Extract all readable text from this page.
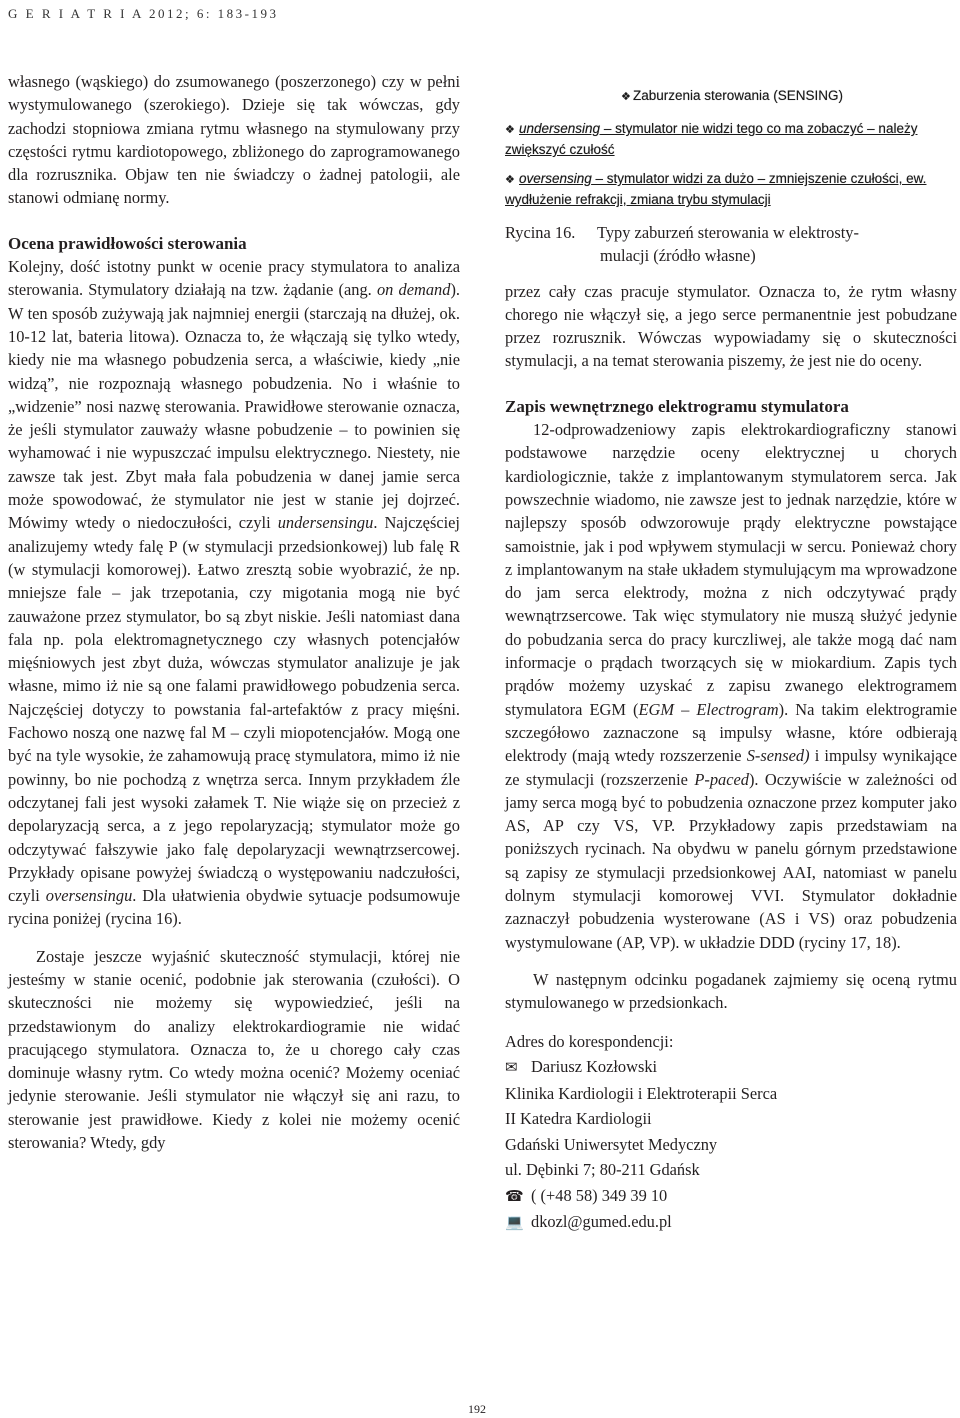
G E R I A T R I A 2012; 6: 183-193

własnego (wąskiego) do zsumowanego (poszerzonego) czy w pełni wystymulowanego (szerokiego). Dzieje się tak wówczas, gdy zachodzi stopniowa zmiana rytmu własnego na stymulowany przy częstości rytmu kardiotopowego, zbliżonego do zaprogramowanego dla rozrusznika. Objaw ten nie świadczy o żadnej patologii, ale stanowi odmianę normy.

Ocena prawidłowości sterowania

Kolejny, dość istotny punkt w ocenie pracy stymulatora to analiza sterowania. Stymulatory działają na tzw. żądanie (ang. on demand). W ten sposób zużywają jak najmniej energii (starczają na dłużej, ok. 10-12 lat, bateria litowa). Oznacza to, że włączają się tylko wtedy, kiedy nie ma własnego pobudzenia serca, a właściwie, kiedy „nie widzą”, nie rozpoznają własnego pobudzenia. No i właśnie to „widzenie” nosi nazwę sterowania. Prawidłowe sterowanie oznacza, że jeśli stymulator zauważy własne pobudzenie – to powinien się wyhamować i nie wypuszczać impulsu elektrycznego. Niestety, nie zawsze tak jest. Zbyt mała fala pobudzenia w danej jamie serca może spowodować, że stymulator nie jest w stanie jej dojrzeć. Mówimy wtedy o niedoczułości, czyli undersensingu. Najczęściej analizujemy wtedy falę P (w stymulacji przedsionkowej) lub falę R (w stymulacji komorowej). Łatwo zresztą sobie wyobrazić, że np. mniejsze fale – jak trzepotania, czy migotania mogą nie być zauważone przez stymulator, bo są zbyt niskie. Jeśli natomiast dana fala np. pola elektromagnetycznego czy własnych potencjałów mięśniowych jest zbyt duża, wówczas stymulator analizuje je jak własne, mimo iż nie są one falami prawidłowego pobudzenia serca. Najczęściej dotyczy to powstania fal-artefaktów z pracy mięśni. Fachowo noszą one nazwę fal M – czyli miopotencjałów. Mogą one być na tyle wysokie, że zahamowują pracę stymulatora, mimo iż nie powinny, bo nie pochodzą z wnętrza serca. Innym przykładem źle odczytanej fali jest wysoki załamek T. Nie wiąże się on przecież z depolaryzacją serca, a z jego repolaryzacją; stymulator może go odczytywać fałszywie jako falę depolaryzacji wewnątrzsercowej. Przykłady opisane powyżej świadczą o występowaniu nadczułości, czyli oversensingu. Dla ułatwienia obydwie sytuacje podsumowuje rycina poniżej (rycina 16).

Zostaje jeszcze wyjaśnić skuteczność stymulacji, której nie jesteśmy w stanie ocenić, podobnie jak sterowania (czułości). O skuteczności nie możemy się wypowiedzieć, jeśli na przedstawionym do analizy elektrokardiogramie nie widać pracującego stymulatora. Oznacza to, że u chorego cały czas dominuje własny rytm. Co wtedy można ocenić? Możemy oceniać jedynie sterowanie. Jeśli stymulator nie włączył się ani razu, to sterowanie jest prawidłowe. Kiedy z kolei nie możemy ocenić sterowania? Wtedy, gdy

❖ Zaburzenia sterowania (SENSING)
❖ undersensing – stymulator nie widzi tego co ma zobaczyć – należy zwiększyć czułość
❖ oversensing – stymulator widzi za dużo – zmniejszenie czułości, ew. wydłużenie refrakcji, zmiana trybu stymulacji
Rycina 16. Typy zaburzeń sterowania w elektrosty-
mulacji (źródło własne)

przez cały czas pracuje stymulator. Oznacza to, że rytm własny chorego nie włączył się, a jego serce permanentnie jest pobudzane przez rozrusznik. Wówczas wypowiadamy się o skuteczności stymulacji, a na temat sterowania piszemy, że jest nie do oceny.

Zapis wewnętrznego elektrogramu stymulatora

12-odprowadzeniowy zapis elektrokardiograficzny stanowi podstawowe narzędzie oceny elektrycznej u chorych kardiologicznie, także z implantowanym stymulatorem serca. Jak powszechnie wiadomo, nie zawsze jest to jednak narzędzie, które w najlepszy sposób odwzorowuje prądy elektryczne powstające samoistnie, jak i pod wpływem stymulacji w sercu. Ponieważ chory z implantowanym na stałe układem stymulującym ma wprowadzone do jam serca elektrody, można z nich odczytywać prądy wewnątrzsercowe. Tak więc stymulatory nie muszą służyć jedynie do pobudzania serca do pracy kurczliwej, ale także mogą dać nam informacje o prądach tworzących się w miokardium. Zapis tych prądów możemy uzyskać z zapisu zwanego elektrogramem stymulatora EGM (EGM – Electrogram). Na takim elektrogramie szczegółowo zaznaczone są impulsy własne, które odbierają elektrody (mają wtedy rozszerzenie S-sensed) i impulsy wynikające ze stymulacji (rozszerzenie P-paced). Oczywiście w zależności od jamy serca mogą być to pobudzenia oznaczone przez komputer jako AS, AP czy VS, VP. Przykładowy zapis przedstawiam na poniższych rycinach. Na obydwu w panelu górnym przedstawione są zapisy ze stymulacji przedsionkowej AAI, natomiast w panelu dolnym stymulacji komorowej VVI. Stymulator dokładnie zaznaczył pobudzenia wysterowane (AS i VS) oraz pobudzenia wystymulowane (AP, VP). w układzie DDD (ryciny 17, 18).

W następnym odcinku pogadanek zajmiemy się oceną rytmu stymulowanego w przedsionkach.

Adres do korespondencji:
✉ Dariusz Kozłowski
Klinika Kardiologii i Elektroterapii Serca
II Katedra Kardiologii
Gdański Uniwersytet Medyczny
ul. Dębinki 7; 80-211 Gdańsk
☎ ( (+48 58) 349 39 10
💻 dkozl@gumed.edu.pl
192
